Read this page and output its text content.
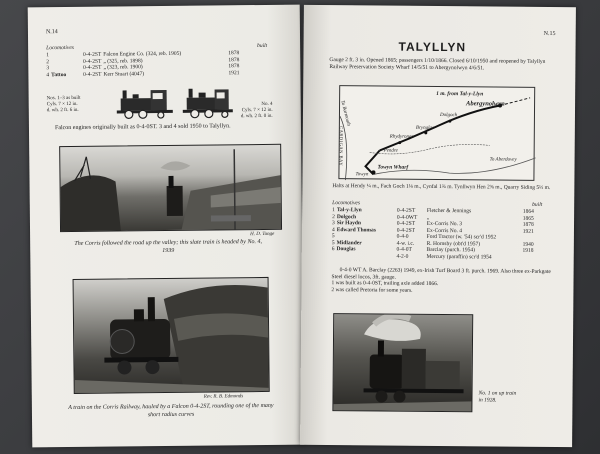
N.14
Locomotives	built
1		0-4-2ST	Falcon Engine Co. (324, reb. 1905)	1878
2		0-4-2ST	„ (325, reb. 1898)	1878
3		0-4-2ST	„ (323, reb. 1900)	1878
4	Tattoo	0-4-2ST	Kerr Stuart (4047)	1921
Nos. 1–3 as built
Cyls. 7 × 12 in.
d. wh. 2 ft. 6 in.
No. 4
Cyls. 7 × 12 in.
d. wh. 2 ft. 0 in.
Falcon engines originally built as 0-4-0ST. 3 and 4 sold 1950 to Talyllyn.
H. D. Tonge
The Corris followed the road up the valley; this slate train is headed by No. 4, 1939
Rev. R. B. Edmonds
A train on the Corris Railway, hauled by a Falcon 0-4-2ST, rounding one of the many short radius curves
N.15
TALYLLYN
Gauge 2 ft. 3 in. Opened 1865; passengers 1/10/1866. Closed 6/10/1950 and reopened by Talyllyn Railway Preservation Society Wharf 14/5/51 to Abergynolwyn 4/6/51.
1 m. from Tal-y-Llyn
Abergynolwyn
Dolgoch
Brynglas
Rhydyronen
Pendre
Towyn Wharf
Towyn
To Aberdovey
To Barmouth
CARDIGAN BAY
Halts at Hendy ¼ m., Fach Goch 1⅛ m., Cynfal 1¾ m. Tynllwyn Hen 2⅜ m., Quarry Siding 5½ m.
Locomotives	built
1	Tal-y-Llyn	0-4-2ST	Fletcher & Jennings	1864
2	Dolgoch	0-4-0WT	„	1865
3	Sir Haydn	0-4-2ST	Ex-Corris No. 3	1878
4	Edward Thomas	0-4-2ST	Ex-Corris No. 4	1921
5		0-4-0	Ford Tractor (w. '54) scr'd 1952	
5	Midlander	4-w. i.c.	R. Hornsby (obt'd 1957)	1940
6	Douglas	0-4-0T	Barclay (purch. 1954)	1918
		4-2-0	Mercury (paraffin) scr'd 1954	
0-4-0 WT A. Barclay (2263) 1949, ex-Irish Turf Board 3 ft. purch. 1969. Also three ex-Parkgate Steel diesel locos, 3ft. gauge.
1 was built as 0-4-0ST, trailing axle added 1866.
2 was called Pretoria for some years.
No. 1 on up train in 1928.
